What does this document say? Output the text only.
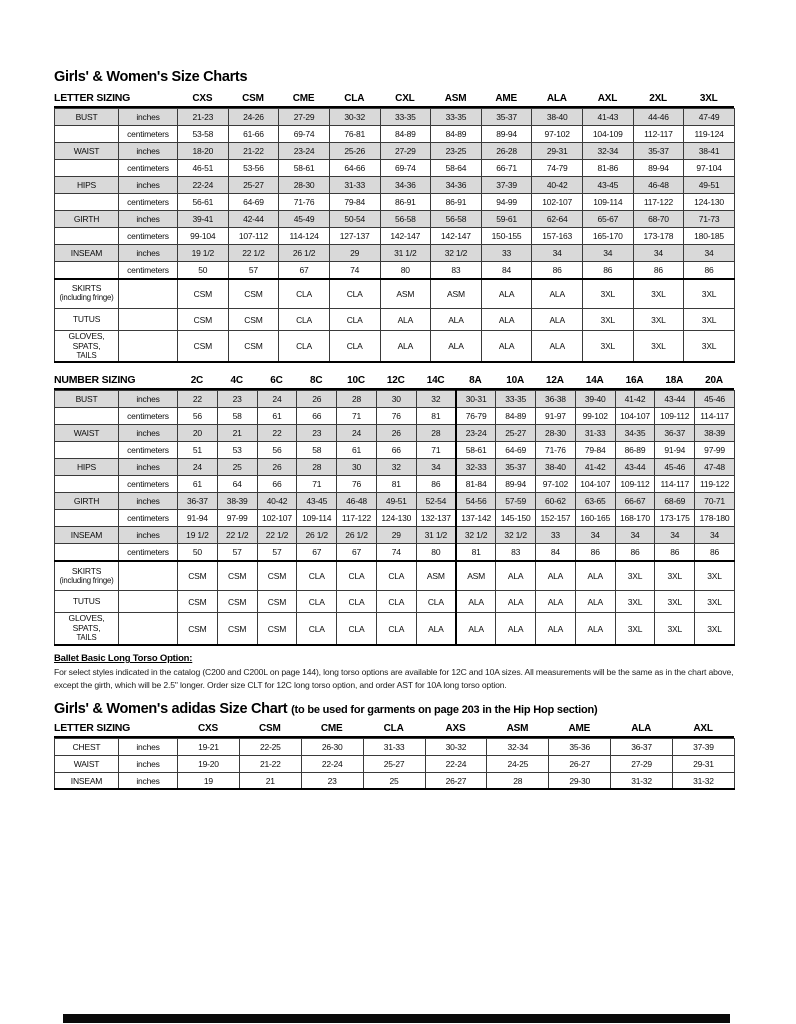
Girls' & Women's Size Charts
LETTER SIZING	CXS	CSM	CME	CLA	CXL	ASM	AME	ALA	AXL	2XL	3XL
BUST	inches	21-23	24-26	27-29	30-32	33-35	33-35	35-37	38-40	41-43	44-46	47-49
	centimeters	53-58	61-66	69-74	76-81	84-89	84-89	89-94	97-102	104-109	112-117	119-124
WAIST	inches	18-20	21-22	23-24	25-26	27-29	23-25	26-28	29-31	32-34	35-37	38-41
	centimeters	46-51	53-56	58-61	64-66	69-74	58-64	66-71	74-79	81-86	89-94	97-104
HIPS	inches	22-24	25-27	28-30	31-33	34-36	34-36	37-39	40-42	43-45	46-48	49-51
	centimeters	56-61	64-69	71-76	79-84	86-91	86-91	94-99	102-107	109-114	117-122	124-130
GIRTH	inches	39-41	42-44	45-49	50-54	56-58	56-58	59-61	62-64	65-67	68-70	71-73
	centimeters	99-104	107-112	114-124	127-137	142-147	142-147	150-155	157-163	165-170	173-178	180-185
INSEAM	inches	19 1/2	22 1/2	26 1/2	29	31 1/2	32 1/2	33	34	34	34	34
	centimeters	50	57	67	74	80	83	84	86	86	86	86
SKIRTS
(including fringe)		CSM	CSM	CLA	CLA	ASM	ASM	ALA	ALA	3XL	3XL	3XL
TUTUS		CSM	CSM	CLA	CLA	ALA	ALA	ALA	ALA	3XL	3XL	3XL
GLOVES, SPATS,
TAILS		CSM	CSM	CLA	CLA	ALA	ALA	ALA	ALA	3XL	3XL	3XL
NUMBER SIZING	2C	4C	6C	8C	10C	12C	14C	8A	10A	12A	14A	16A	18A	20A
BUST	inches	22	23	24	26	28	30	32	30-31	33-35	36-38	39-40	41-42	43-44	45-46
	centimeters	56	58	61	66	71	76	81	76-79	84-89	91-97	99-102	104-107	109-112	114-117
WAIST	inches	20	21	22	23	24	26	28	23-24	25-27	28-30	31-33	34-35	36-37	38-39
	centimeters	51	53	56	58	61	66	71	58-61	64-69	71-76	79-84	86-89	91-94	97-99
HIPS	inches	24	25	26	28	30	32	34	32-33	35-37	38-40	41-42	43-44	45-46	47-48
	centimeters	61	64	66	71	76	81	86	81-84	89-94	97-102	104-107	109-112	114-117	119-122
GIRTH	inches	36-37	38-39	40-42	43-45	46-48	49-51	52-54	54-56	57-59	60-62	63-65	66-67	68-69	70-71
	centimeters	91-94	97-99	102-107	109-114	117-122	124-130	132-137	137-142	145-150	152-157	160-165	168-170	173-175	178-180
INSEAM	inches	19 1/2	22 1/2	22 1/2	26 1/2	26 1/2	29	31 1/2	32 1/2	32 1/2	33	34	34	34	34
	centimeters	50	57	57	67	67	74	80	81	83	84	86	86	86	86
SKIRTS
(including fringe)		CSM	CSM	CSM	CLA	CLA	CLA	ASM	ASM	ALA	ALA	ALA	3XL	3XL	3XL
TUTUS		CSM	CSM	CSM	CLA	CLA	CLA	CLA	ALA	ALA	ALA	ALA	3XL	3XL	3XL
GLOVES, SPATS,
TAILS		CSM	CSM	CSM	CLA	CLA	CLA	ALA	ALA	ALA	ALA	ALA	3XL	3XL	3XL
Ballet Basic Long Torso Option:
For select styles indicated in the catalog (C200 and C200L on page 144), long torso options are available for 12C and 10A sizes. All measurements will be the same as in the chart above,
except the girth, which will be 2.5" longer. Order size CLT for 12C long torso option, and order AST for 10A long torso option.
Girls' & Women's adidas Size Chart (to be used for garments on page 203 in the Hip Hop section)
LETTER SIZING	CXS	CSM	CME	CLA	AXS	ASM	AME	ALA	AXL
CHEST	inches	19-21	22-25	26-30	31-33	30-32	32-34	35-36	36-37	37-39
WAIST	inches	19-20	21-22	22-24	25-27	22-24	24-25	26-27	27-29	29-31
INSEAM	inches	19	21	23	25	26-27	28	29-30	31-32	31-32
